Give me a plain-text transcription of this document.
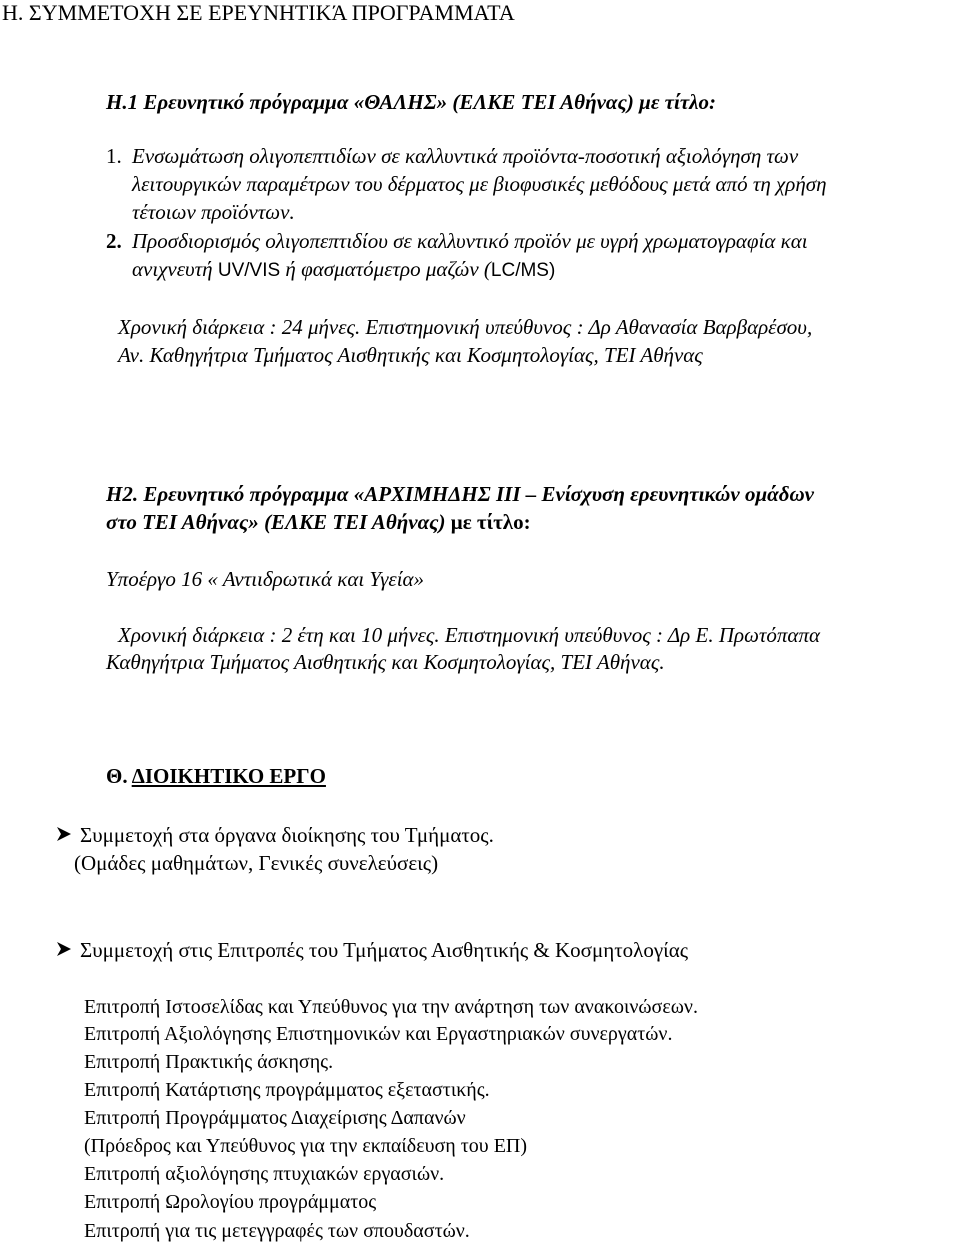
Η. ΣΥΜΜΕΤΟΧΗ ΣΕ ΕΡΕΥΝΗΤΙΚΆ ΠΡΟΓΡΑΜΜΑΤΑ
Η.1 Ερευνητικό πρόγραμμα «ΘΑΛΗΣ» (ΕΛΚΕ ΤΕΙ Αθήνας) με τίτλο:
1. Ενσωμάτωση ολιγοπεπτιδίων σε καλλυντικά προϊόντα-ποσοτική αξιολόγηση των
λειτουργικών παραμέτρων του δέρματος με βιοφυσικές μεθόδους μετά από τη χρήση
τέτοιων προϊόντων.
2. Προσδιορισμός ολιγοπεπτιδίου σε καλλυντικό προϊόν με υγρή χρωματογραφία και
ανιχνευτή UV/VIS ή φασματόμετρο μαζών (LC/MS)
Χρονική διάρκεια : 24 μήνες. Επιστημονική υπεύθυνος : Δρ Αθανασία Βαρβαρέσου,
Αν. Καθηγήτρια Τμήματος Αισθητικής και Κοσμητολογίας, ΤΕΙ Αθήνας
Η2. Ερευνητικό πρόγραμμα «ΑΡΧΙΜΗΔΗΣ ΙΙΙ – Ενίσχυση ερευνητικών ομάδων
στο ΤΕΙ Αθήνας» (ΕΛΚΕ ΤΕΙ Αθήνας) με τίτλο:
Υποέργο 16 « Αντιιδρωτικά και Υγεία»
Χρονική διάρκεια : 2 έτη και 10 μήνες. Επιστημονική υπεύθυνος : Δρ Ε. Πρωτόπαπα
Καθηγήτρια Τμήματος Αισθητικής και Κοσμητολογίας, ΤΕΙ Αθήνας.
Θ. ΔΙΟΙΚΗΤΙΚΟ ΕΡΓΟ
Συμμετοχή στα όργανα διοίκησης του Τμήματος.
(Ομάδες μαθημάτων, Γενικές συνελεύσεις)
Συμμετοχή στις Επιτροπές του Τμήματος Αισθητικής & Κοσμητολογίας
Επιτροπή Ιστοσελίδας και Υπεύθυνος για την ανάρτηση των ανακοινώσεων.
Επιτροπή Αξιολόγησης Επιστημονικών και Εργαστηριακών συνεργατών.
Επιτροπή Πρακτικής άσκησης.
Επιτροπή Κατάρτισης προγράμματος εξεταστικής.
Επιτροπή Προγράμματος Διαχείρισης Δαπανών
(Πρόεδρος και Υπεύθυνος για την εκπαίδευση του ΕΠ)
Επιτροπή αξιολόγησης πτυχιακών εργασιών.
Επιτροπή Ωρολογίου προγράμματος
Επιτροπή για τις μετεγγραφές των σπουδαστών.
